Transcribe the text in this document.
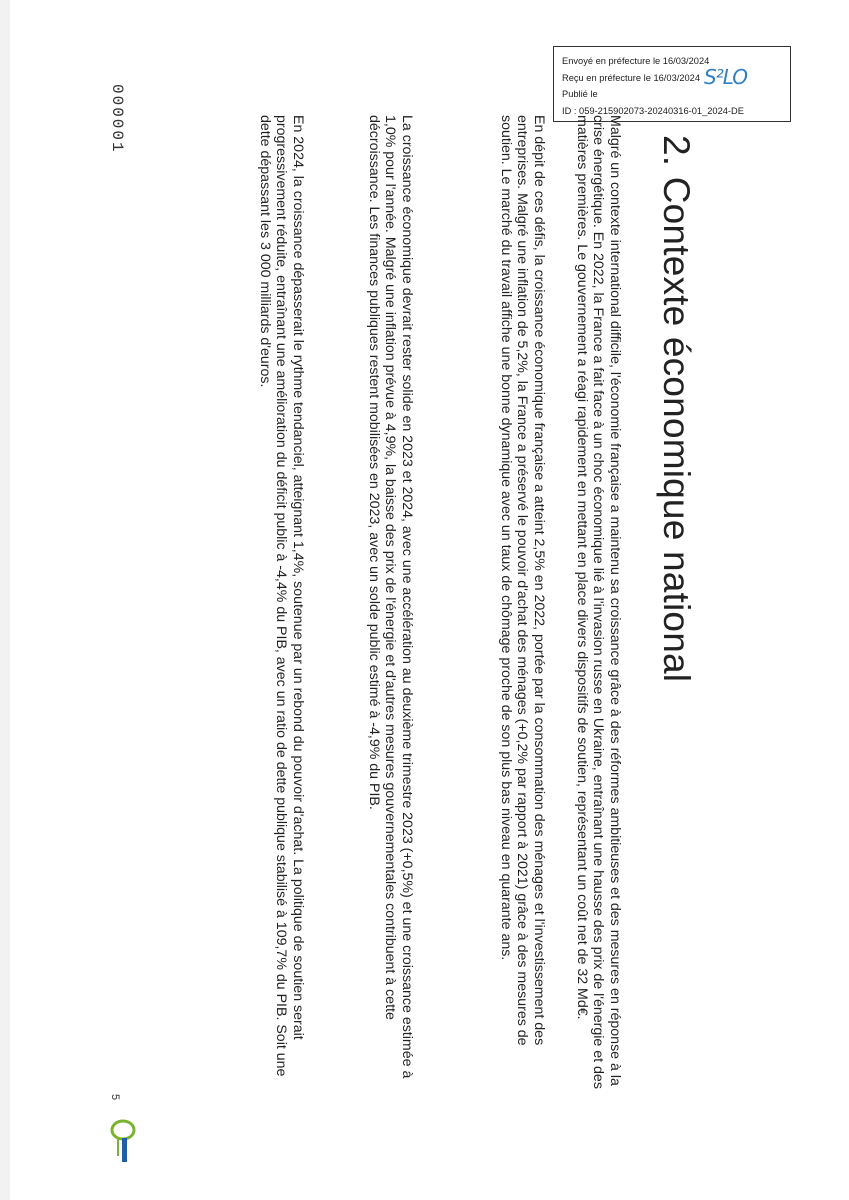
Envoyé en préfecture le 16/03/2024
Reçu en préfecture le 16/03/2024
Publié le
ID : 059-215902073-20240316-01_2024-DE
S²LO
2. Contexte économique national
Malgré un contexte international difficile, l'économie française a maintenu sa croissance grâce à des réformes ambitieuses et des mesures en réponse à la crise énergétique. En 2022, la France a fait face à un choc économique lié à l'invasion russe en Ukraine, entraînant une hausse des prix de l'énergie et des matières premières. Le gouvernement a réagi rapidement en mettant en place divers dispositifs de soutien, représentant un coût net de 32 Md€.
En dépit de ces défis, la croissance économique française a atteint 2,5% en 2022, portée par la consommation des ménages et l'investissement des entreprises. Malgré une inflation de 5,2%, la France a préservé le pouvoir d'achat des ménages (+0,2% par rapport à 2021) grâce à des mesures de soutien. Le marché du travail affiche une bonne dynamique avec un taux de chômage proche de son plus bas niveau en quarante ans.
La croissance économique devrait rester solide en 2023 et 2024, avec une accélération au deuxième trimestre 2023 (+0,5%) et une croissance estimée à 1,0% pour l'année. Malgré une inflation prévue à 4,9%, la baisse des prix de l'énergie et d'autres mesures gouvernementales contribuent à cette décroissance. Les finances publiques restent mobilisées en 2023, avec un solde public estimé à -4,9% du PIB.
En 2024, la croissance dépasserait le rythme tendanciel, atteignant 1,4%, soutenue par un rebond du pouvoir d'achat. La politique de soutien serait progressivement réduite, entraînant une amélioration du déficit public à -4,4% du PIB, avec un ratio de dette publique stabilisé à 109,7% du PIB. Soit une dette dépassant les 3 000 milliards d'euros.
000001
5
